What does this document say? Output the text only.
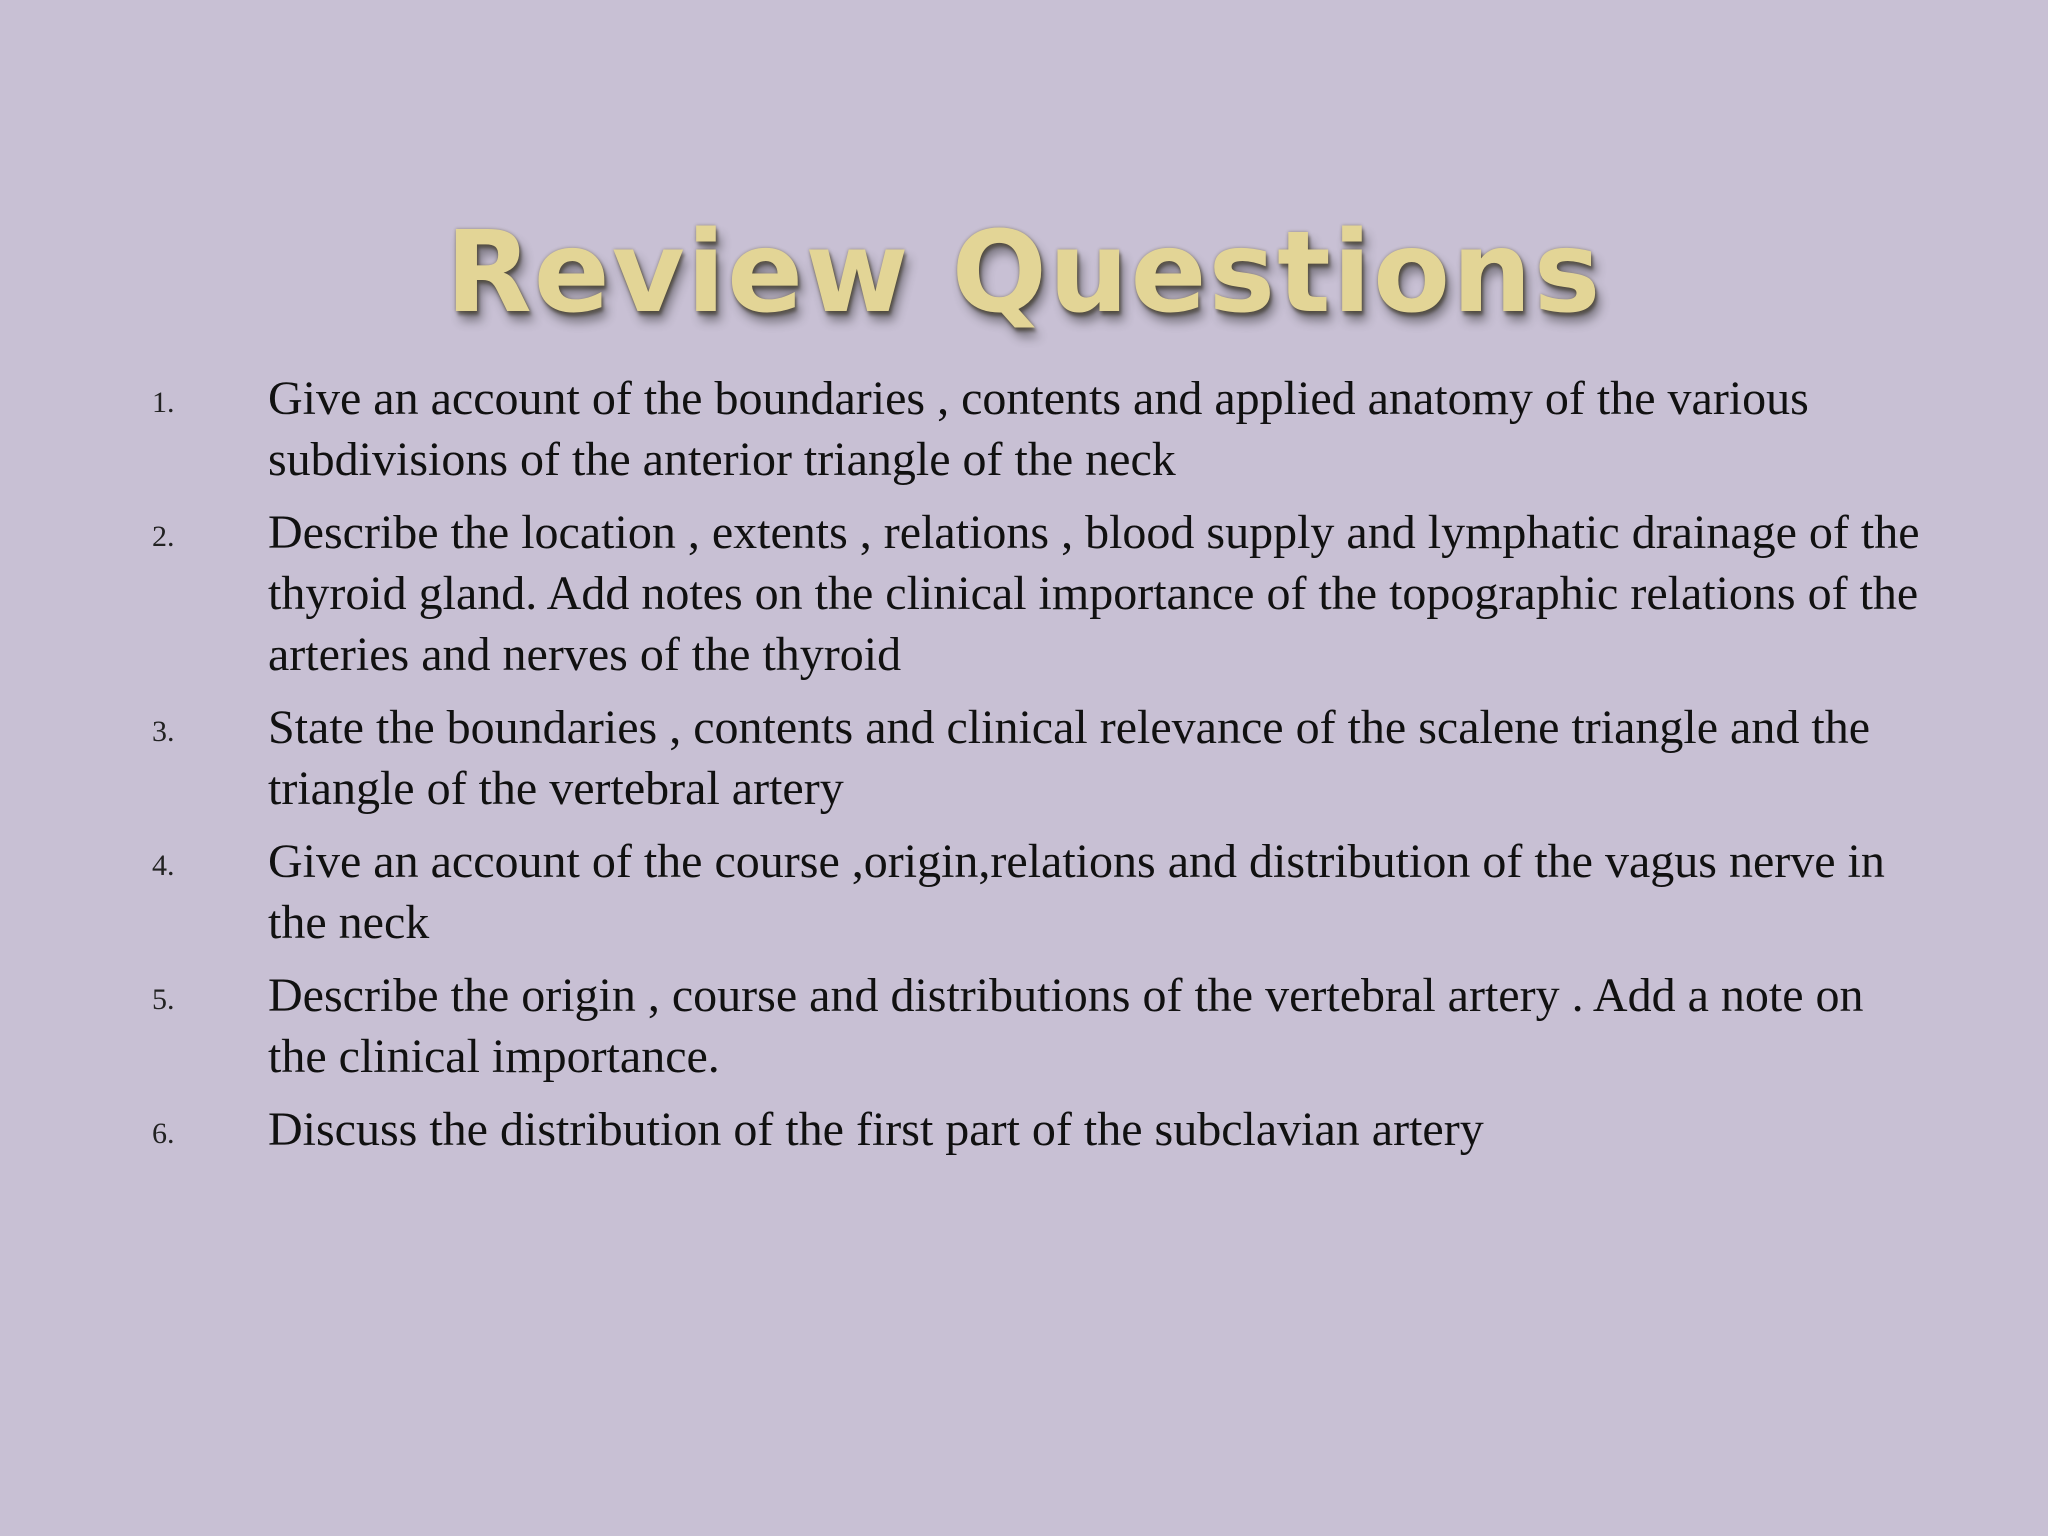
Review Questions
1. Give an account of the boundaries , contents and applied anatomy of the various subdivisions of the anterior triangle of the neck
2. Describe the location , extents , relations , blood supply and lymphatic drainage of the thyroid gland. Add notes on the clinical importance of the topographic relations of the arteries and nerves of the thyroid
3. State the boundaries , contents and clinical relevance of the scalene triangle and the triangle of the vertebral artery
4. Give an account of the course ,origin,relations and distribution of the vagus nerve in the neck
5. Describe the origin , course and distributions of the vertebral artery . Add a note on the clinical importance.
6. Discuss the distribution of the first part of the subclavian artery
